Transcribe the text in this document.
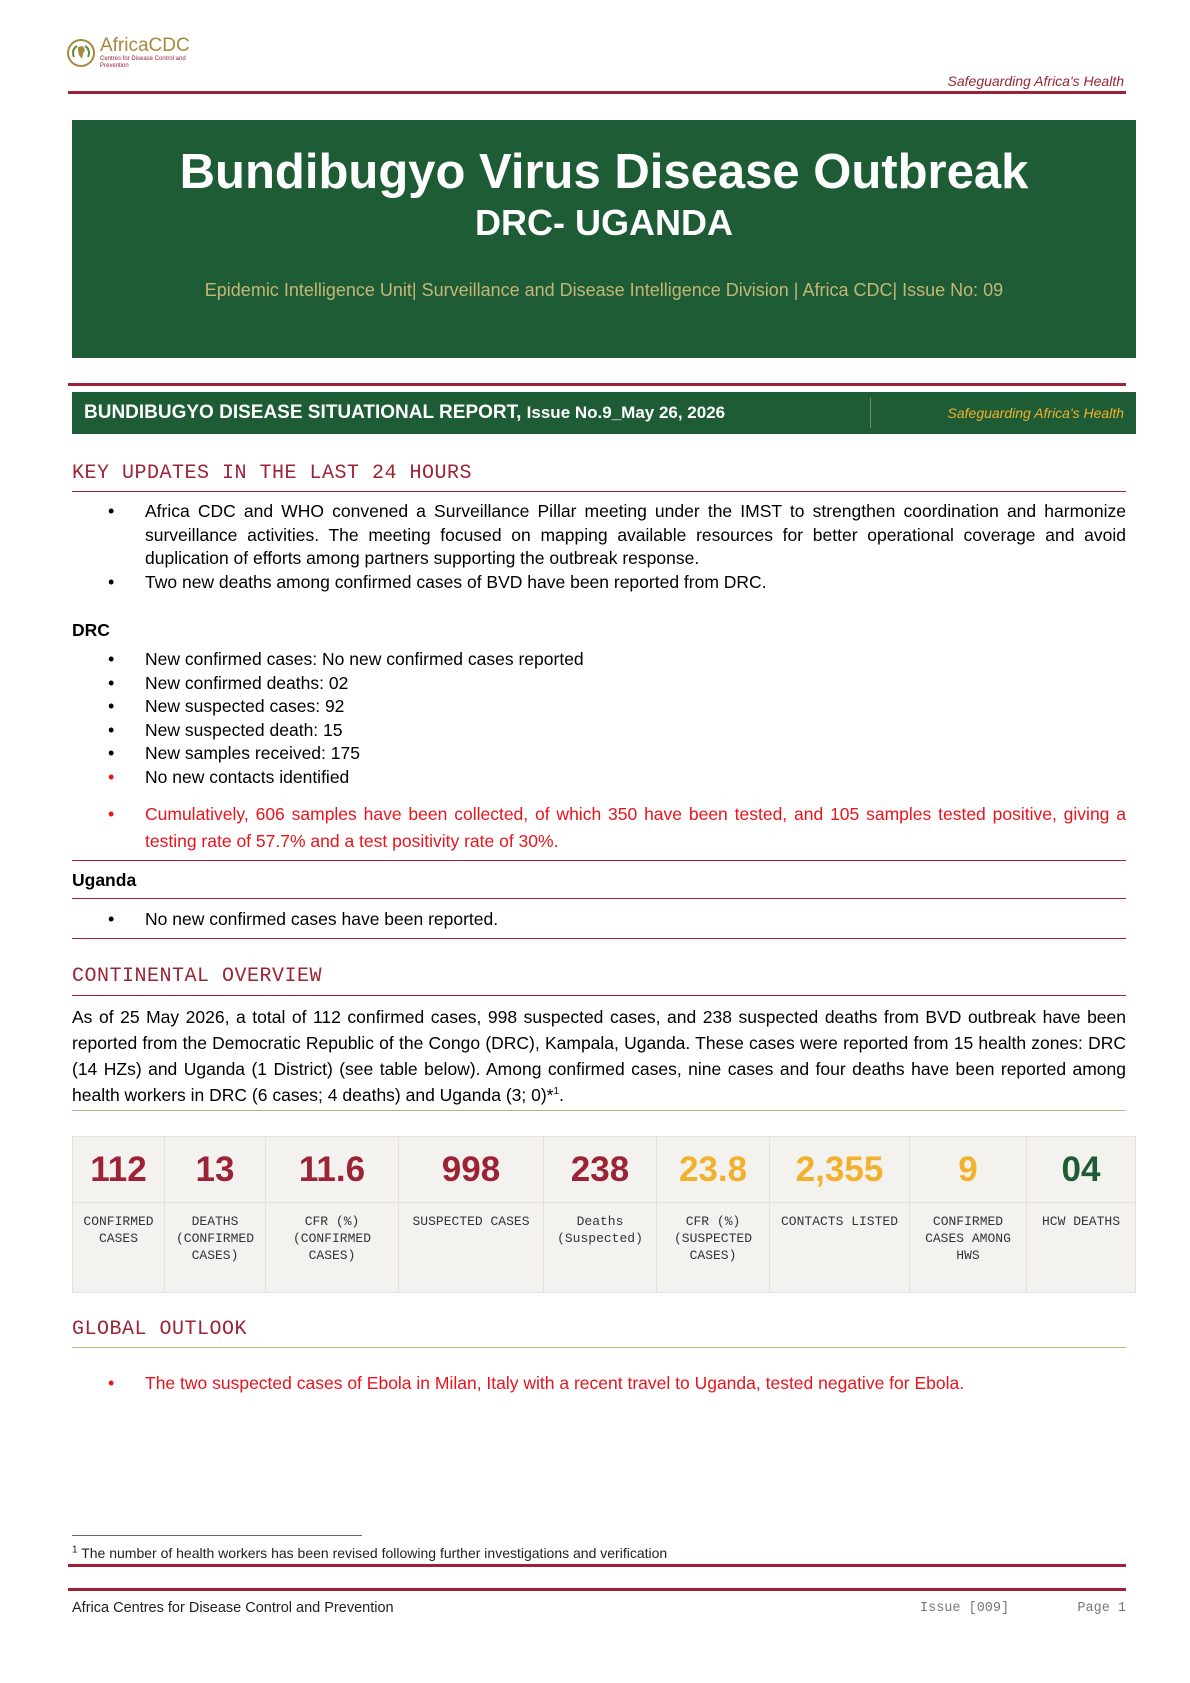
AfricaCDC
Centres for Disease Control and Prevention
Safeguarding Africa's Health
Bundibugyo Virus Disease Outbreak
DRC- UGANDA
Epidemic Intelligence Unit| Surveillance and Disease Intelligence Division | Africa CDC| Issue No: 09
BUNDIBUGYO DISEASE SITUATIONAL REPORT, Issue No.9_May 26, 2026	Safeguarding Africa's Health
KEY UPDATES IN THE LAST 24 HOURS
• Africa CDC and WHO convened a Surveillance Pillar meeting under the IMST to strengthen coordination and harmonize surveillance activities. The meeting focused on mapping available resources for better operational coverage and avoid duplication of efforts among partners supporting the outbreak response.
• Two new deaths among confirmed cases of BVD have been reported from DRC.
DRC
• New confirmed cases: No new confirmed cases reported
• New confirmed deaths: 02
• New suspected cases: 92
• New suspected death: 15
• New samples received: 175
• No new contacts identified
• Cumulatively, 606 samples have been collected, of which 350 have been tested, and 105 samples tested positive, giving a testing rate of 57.7% and a test positivity rate of 30%.
Uganda
• No new confirmed cases have been reported.
CONTINENTAL OVERVIEW
As of 25 May 2026, a total of 112 confirmed cases, 998 suspected cases, and 238 suspected deaths from BVD outbreak have been reported from the Democratic Republic of the Congo (DRC), Kampala, Uganda. These cases were reported from 15 health zones: DRC (14 HZs) and Uganda (1 District) (see table below). Among confirmed cases, nine cases and four deaths have been reported among health workers in DRC (6 cases; 4 deaths) and Uganda (3; 0)*$^1$.
112
CONFIRMED CASES
13
DEATHS (CONFIRMED CASES)
11.6
CFR (%) (CONFIRMED CASES)
998
SUSPECTED CASES
238
Deaths (Suspected)
23.8
CFR (%) (SUSPECTED CASES)
2,355
CONTACTS LISTED
9
CONFIRMED CASES AMONG HWS
04
HCW DEATHS
GLOBAL OUTLOOK
• The two suspected cases of Ebola in Milan, Italy with a recent travel to Uganda, tested negative for Ebola.
$^1$ The number of health workers has been revised following further investigations and verification
Africa Centres for Disease Control and Prevention	Issue [009]	Page 1
